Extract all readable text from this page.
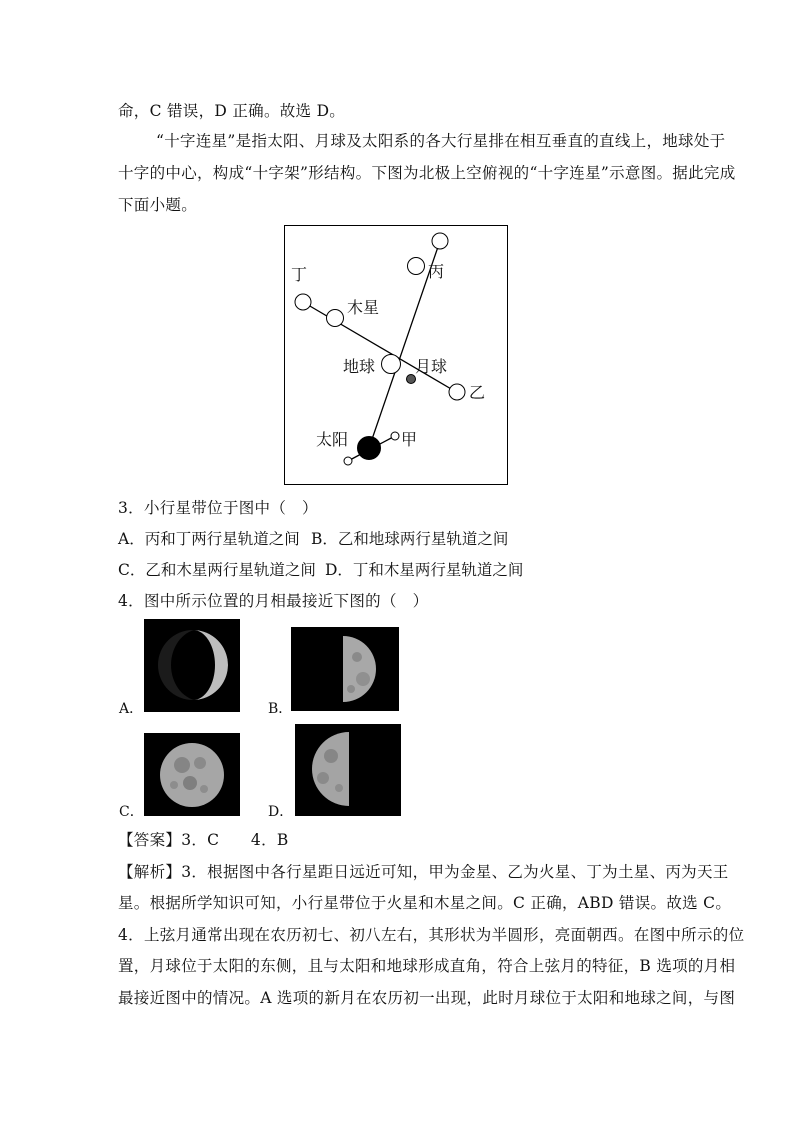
命，C 错误，D 正确。故选 D。
“十字连星”是指太阳、月球及太阳系的各大行星排在相互垂直的直线上，地球处于
十字的中心，构成“十字架”形结构。下图为北极上空俯视的“十字连星”示意图。据此完成
下面小题。
丁
木星
丙
地球 月球
乙
太阳	甲
3．小行星带位于图中（　）
A．丙和丁两行星轨道之间 B．乙和地球两行星轨道之间
C．乙和木星两行星轨道之间 D．丁和木星两行星轨道之间
4．图中所示位置的月相最接近下图的（　）
A．	B．
C．	D．
【答案】3．C　　4．B
【解析】3．根据图中各行星距日远近可知，甲为金星、乙为火星、丁为土星、丙为天王
星。根据所学知识可知，小行星带位于火星和木星之间。C 正确，ABD 错误。故选 C。
4．上弦月通常出现在农历初七、初八左右，其形状为半圆形，亮面朝西。在图中所示的位
置，月球位于太阳的东侧，且与太阳和地球形成直角，符合上弦月的特征，B 选项的月相
最接近图中的情况。A 选项的新月在农历初一出现，此时月球位于太阳和地球之间，与图
